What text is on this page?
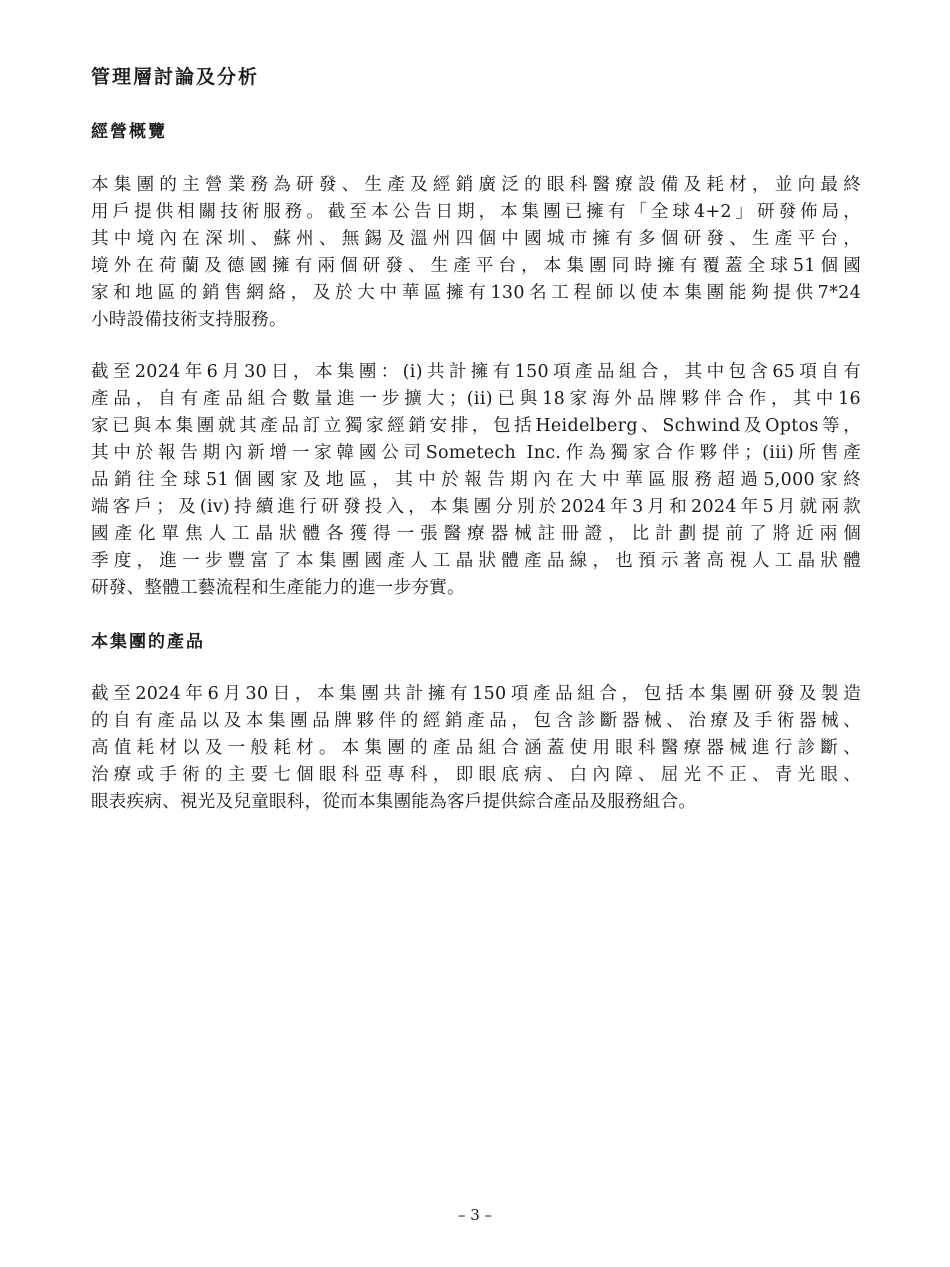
管理層討論及分析
經營概覽

本集團的主營業務為研發、生產及經銷廣泛的眼科醫療設備及耗材，並向最終
用戶提供相關技術服務。截至本公告日期，本集團已擁有「全球4+2」研發佈局，
其中境內在深圳、蘇州、無錫及溫州四個中國城市擁有多個研發、生產平台，
境外在荷蘭及德國擁有兩個研發、生產平台，本集團同時擁有覆蓋全球51個國
家和地區的銷售網絡，及於大中華區擁有130名工程師以使本集團能夠提供7*24
小時設備技術支持服務。

截至2024年6月30日，本集團：(i)共計擁有150項產品組合，其中包含65項自有
產品，自有產品組合數量進一步擴大；(ii)已與18家海外品牌夥伴合作，其中16
家已與本集團就其產品訂立獨家經銷安排，包括Heidelberg、Schwind及Optos等，
其中於報告期內新增一家韓國公司Sometech Inc.作為獨家合作夥伴；(iii)所售產
品銷往全球51個國家及地區，其中於報告期內在大中華區服務超過5,000家終
端客戶；及(iv)持續進行研發投入，本集團分別於2024年3月和2024年5月就兩款
國產化單焦人工晶狀體各獲得一張醫療器械註冊證，比計劃提前了將近兩個
季度，進一步豐富了本集團國產人工晶狀體產品線，也預示著高視人工晶狀體
研發、整體工藝流程和生產能力的進一步夯實。

本集團的產品

截至2024年6月30日，本集團共計擁有150項產品組合，包括本集團研發及製造
的自有產品以及本集團品牌夥伴的經銷產品，包含診斷器械、治療及手術器械、
高值耗材以及一般耗材。本集團的產品組合涵蓋使用眼科醫療器械進行診斷、
治療或手術的主要七個眼科亞專科，即眼底病、白內障、屈光不正、青光眼、
眼表疾病、視光及兒童眼科，從而本集團能為客戶提供綜合產品及服務組合。

– 3 –
